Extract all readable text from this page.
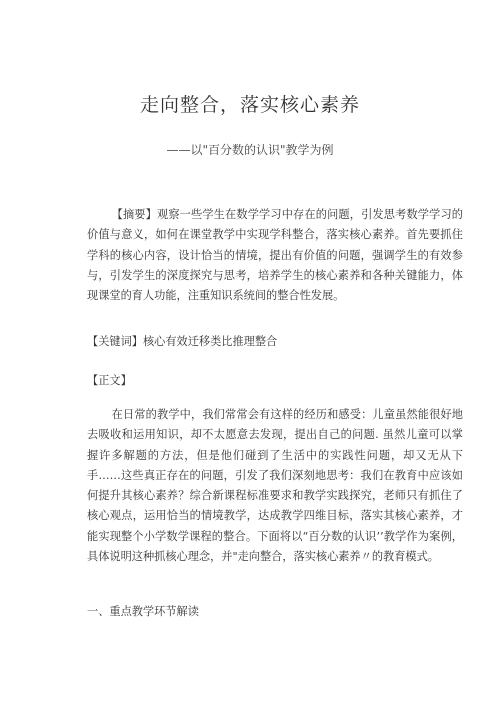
走向整合，落实核心素养
——以"百分数的认识"教学为例

【摘要】观察一些学生在数学学习中存在的问题，引发思考数学学习的价值与意义，如何在课堂教学中实现学科整合，落实核心素养。首先要抓住学科的核心内容，设计恰当的情境，提出有价值的问题，强调学生的有效参与，引发学生的深度探究与思考，培养学生的核心素养和各种关键能力，体现课堂的育人功能，注重知识系统间的整合性发展。

【关键词】核心有效迁移类比推理整合
【正文】

在日常的教学中，我们常常会有这样的经历和感受：儿童虽然能很好地去吸收和运用知识，却不太愿意去发现，提出自己的问题. 虽然儿童可以掌握许多解题的方法，但是他们碰到了生活中的实践性问题，却又无从下手……这些真正存在的问题，引发了我们深刻地思考：我们在教育中应该如何提升其核心素养？综合新课程标准要求和教学实践探究，老师只有抓住了核心观点，运用恰当的情境教学，达成教学四维目标，落实其核心素养，才能实现整个小学数学课程的整合。下面将以“百分数的认识’’教学作为案例，具体说明这种抓核心理念，并"走向整合，落实核心素养〃的教育模式。

一、重点教学环节解读
